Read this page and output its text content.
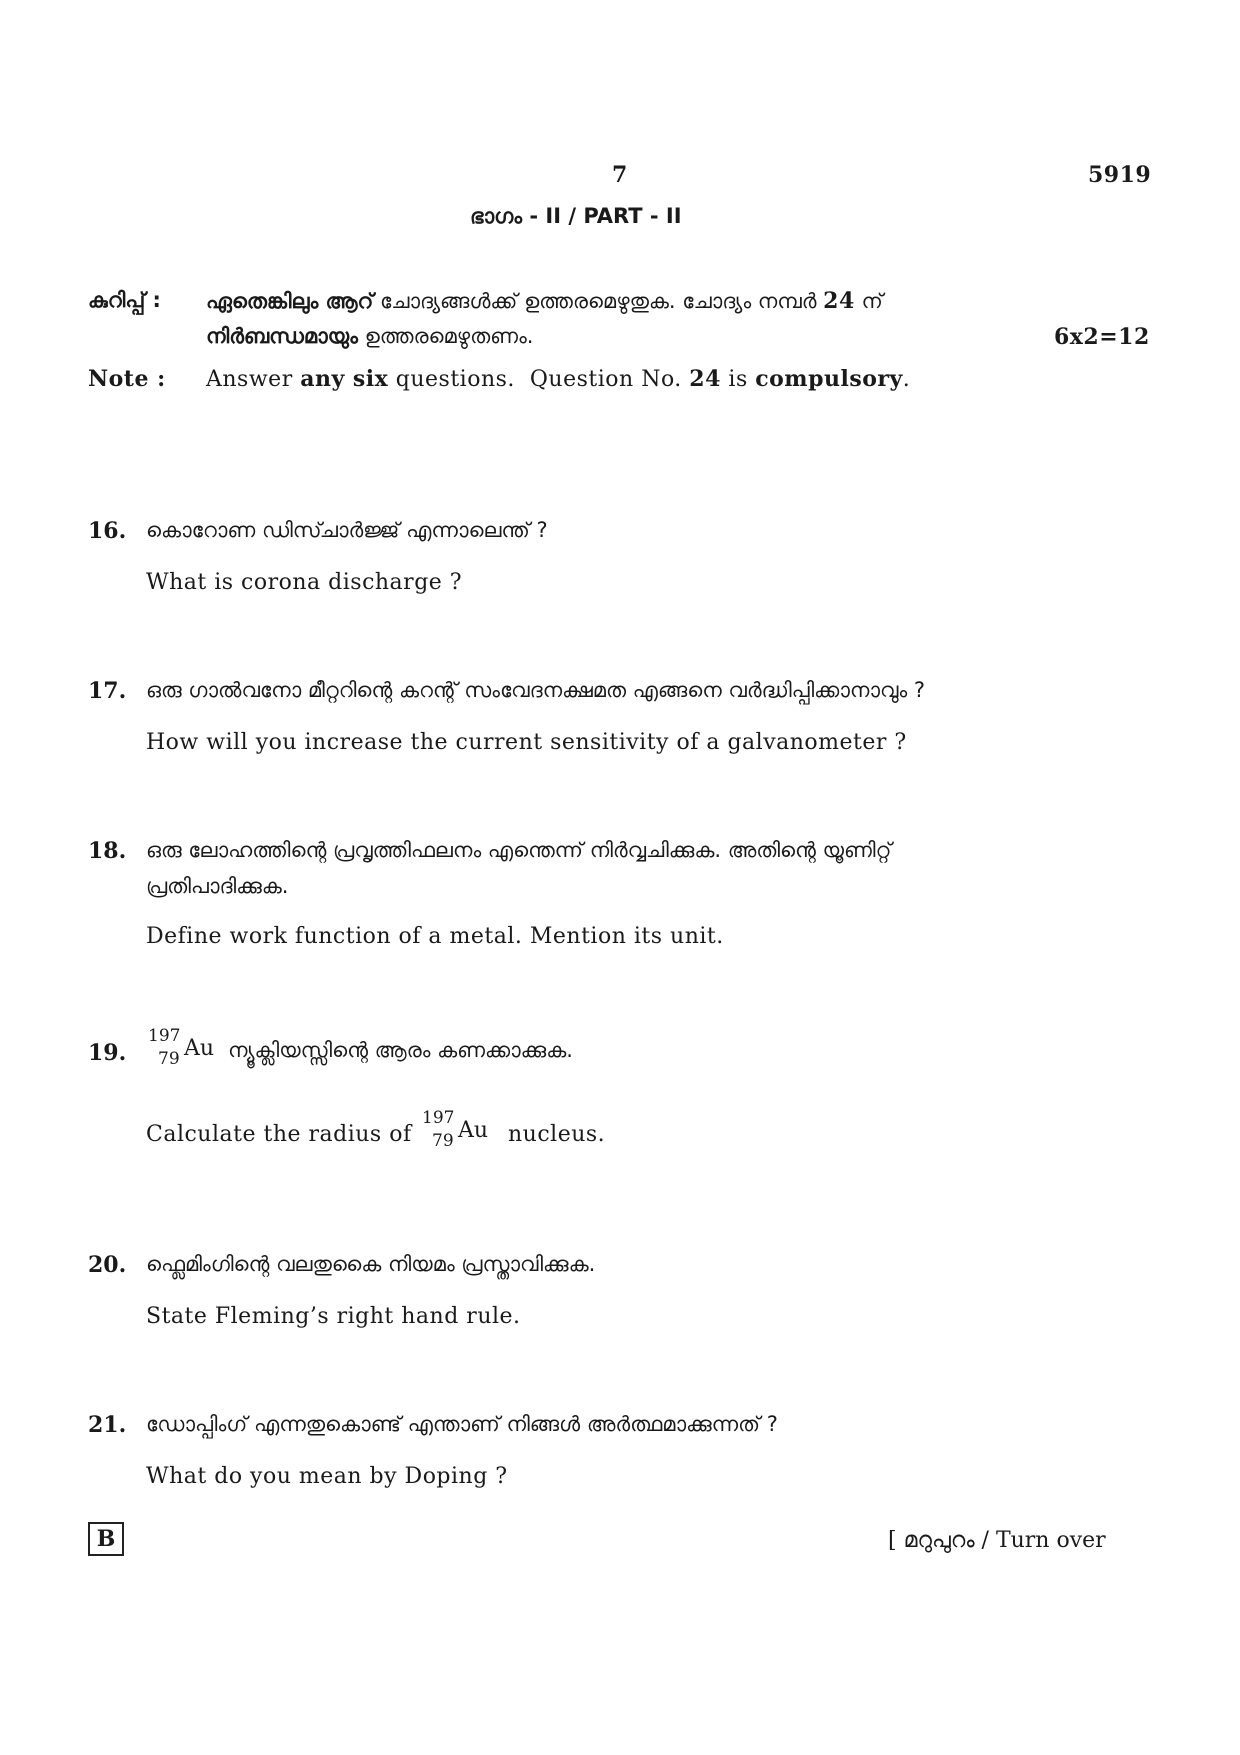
7	5919
ഭാഗം - II / PART - II
കുറിപ്പ് : ഏതെങ്കിലും ആറ് ചോദ്യങ്ങൾക്ക് ഉത്തരമെഴുതുക. ചോദ്യം നമ്പർ 24 ന്
നിർബന്ധമായും ഉത്തരമെഴുതണം.	6x2=12
Note : Answer any six questions.  Question No. 24 is compulsory.
16. കൊറോണ ഡിസ്ചാർജ്ജ് എന്നാലെന്ത് ?
What is corona discharge ?
17. ഒരു ഗാൽവനോ മീറ്ററിന്റെ കറന്റ് സംവേദനക്ഷമത എങ്ങനെ വർദ്ധിപ്പിക്കാനാവും ?
How will you increase the current sensitivity of a galvanometer ?
18. ഒരു ലോഹത്തിന്റെ പ്രവൃത്തിഫലനം എന്തെന്ന് നിർവ്വചിക്കുക. അതിന്റെ യൂണിറ്റ്
പ്രതിപാദിക്കുക.
Define work function of a metal. Mention its unit.
19.
197
79 Au ന്യൂക്ലിയസ്സിന്റെ ആരം കണക്കാക്കുക.
Calculate the radius of
197
79 Au nucleus.
20. ഫ്ലെമിംഗിന്റെ വലതുകൈ നിയമം പ്രസ്താവിക്കുക.
State Fleming’s right hand rule.
21. ഡോപ്പിംഗ് എന്നതുകൊണ്ട് എന്താണ് നിങ്ങൾ അർത്ഥമാക്കുന്നത് ?
What do you mean by Doping ?
B	[ മറുപുറം / Turn over
